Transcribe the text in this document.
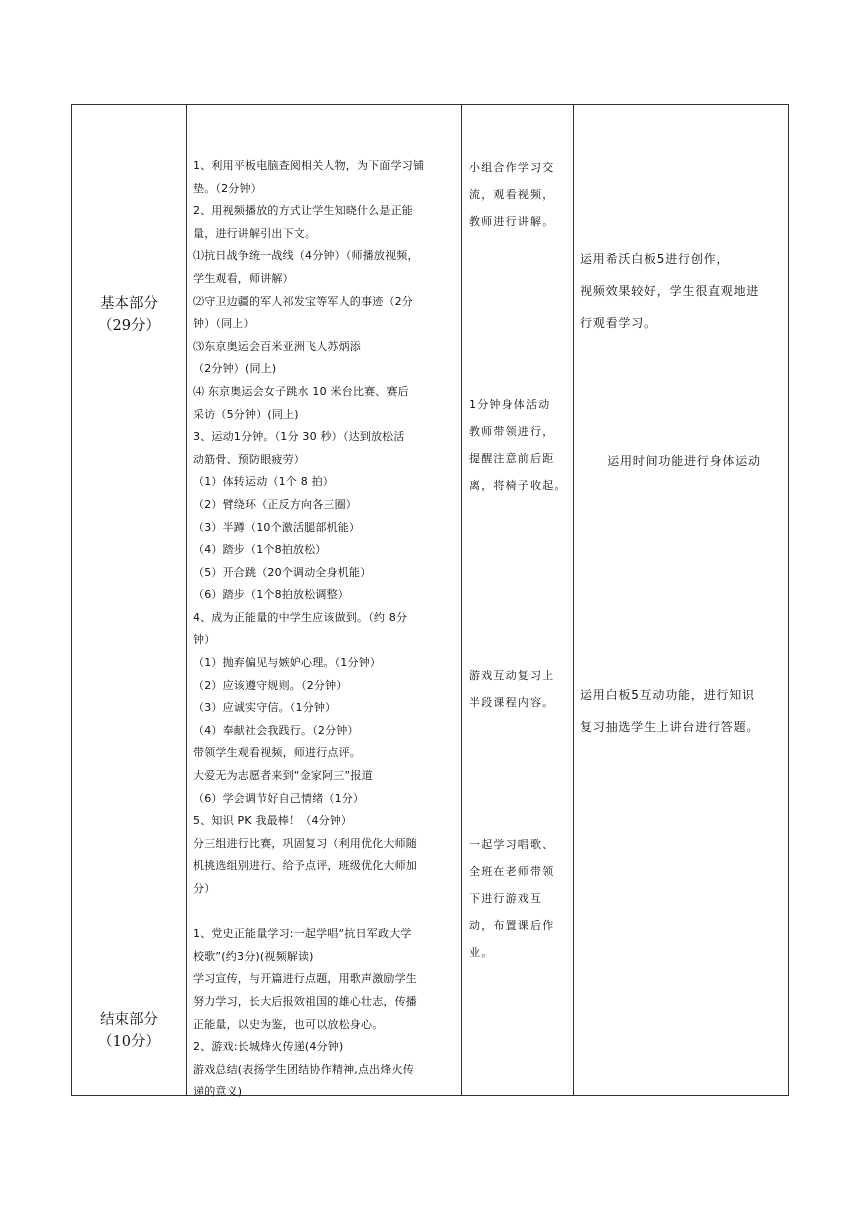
基本部分
（29分）
结束部分
（10分）
1、利用平板电脑查阅相关人物，为下面学习铺
垫。（2分钟）
2、用视频播放的方式让学生知晓什么是正能
量，进行讲解引出下文。
⑴抗日战争统一战线（4分钟）（师播放视频，
学生观看，师讲解）
⑵守卫边疆的军人祁发宝等军人的事迹（2分
钟）（同上）
⑶东京奥运会百米亚洲飞人苏炳添
（2分钟）(同上)
⑷ 东京奥运会女子跳水 10 米台比赛、赛后
采访（5分钟）(同上)
3、运动1分钟。（1分 30 秒）（达到放松活
动筋骨、预防眼疲劳）
（1）体转运动（1个 8 拍）
（2）臂绕环（正反方向各三圈）
（3）半蹲（10个激活腿部机能）
（4）踏步（1个8拍放松）
（5）开合跳（20个调动全身机能）
（6）踏步（1个8拍放松调整）
4、成为正能量的中学生应该做到。（约 8分
钟）
（1）抛弃偏见与嫉妒心理。（1分钟）
（2）应该遵守规则。（2分钟）
（3）应诚实守信。（1分钟）
（4）奉献社会我践行。（2分钟）
带领学生观看视频，师进行点评。
大爱无为志愿者来到“金家阿三”报道
（6）学会调节好自己情绪（1分）
5、知识 PK 我最棒！（4分钟）
分三组进行比赛，巩固复习（利用优化大师随
机挑选组别进行、给予点评，班级优化大师加
分）
1、党史正能量学习:一起学唱“抗日军政大学
校歌”(约3分)(视频解读)
学习宣传，与开篇进行点题，用歌声激励学生
努力学习，长大后报效祖国的雄心壮志，传播
正能量，以史为鉴，也可以放松身心。
2、游戏:长城烽火传递(4分钟)
游戏总结(表扬学生团结协作精神,点出烽火传
递的意义)
小组合作学习交
流，观看视频，
教师进行讲解。
1分钟身体活动
教师带领进行，
提醒注意前后距
离，将椅子收起。
游戏互动复习上
半段课程内容。
一起学习唱歌、
全班在老师带领
下进行游戏互
动，布置课后作
业。
运用希沃白板5进行创作，
视频效果较好，学生很直观地进
行观看学习。
运用时间功能进行身体运动
运用白板5互动功能，进行知识
复习抽选学生上讲台进行答题。
